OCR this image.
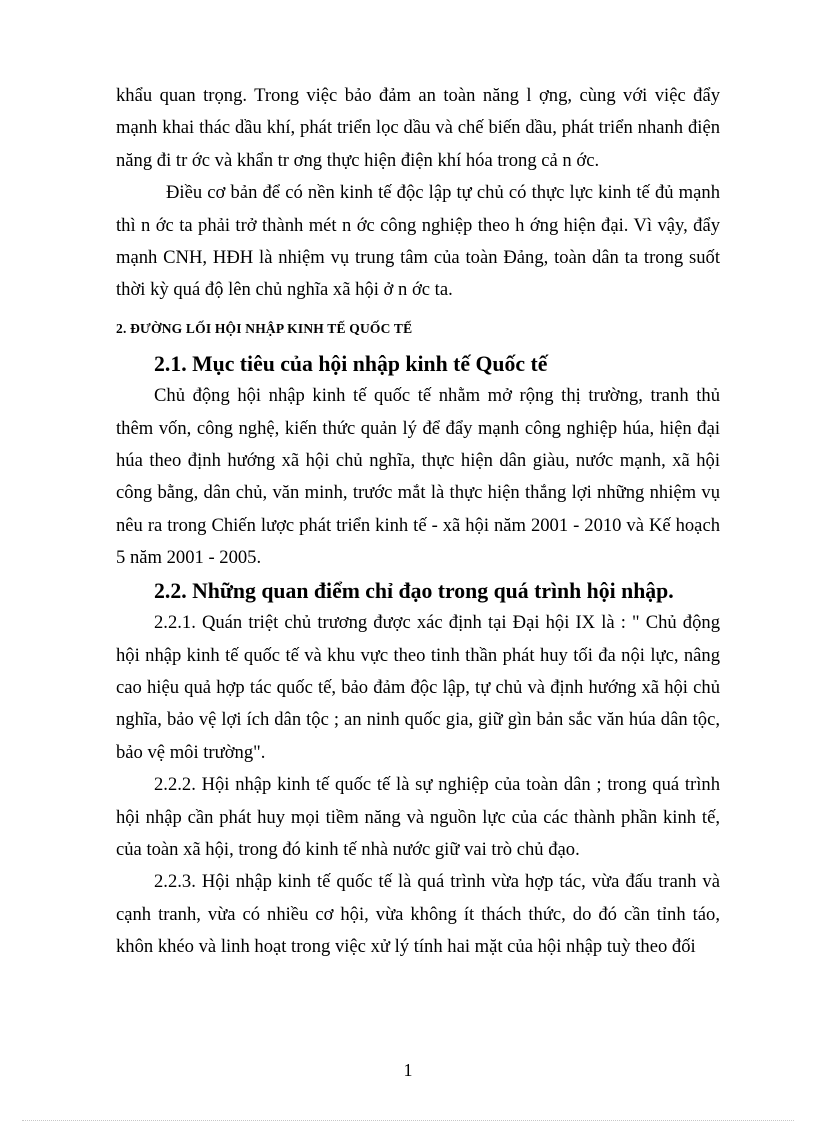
khẩu quan trọng. Trong việc bảo đảm an toàn năng l ợng, cùng với việc đẩy mạnh khai thác dầu khí, phát triển lọc dầu và chế biến dầu, phát triển nhanh điện năng đi tr ớc và khẩn tr ơng thực hiện điện khí hóa trong cả n ớc.

Điều cơ bản để có nền kinh tế độc lập tự chủ có thực lực kinh tế đủ mạnh thì n ớc ta phải trở thành mét n ớc công nghiệp theo h ớng hiện đại. Vì vậy, đẩy mạnh CNH, HĐH là nhiệm vụ trung tâm của toàn Đảng, toàn dân ta trong suốt thời kỳ quá độ lên chủ nghĩa xã hội ở n ớc ta.

2. ĐƯỜNG LỐI HỘI NHẬP KINH TẾ QUỐC TẾ
2.1. Mục tiêu của hội nhập kinh tế Quốc tế

Chủ động hội nhập kinh tế quốc tế nhằm mở rộng thị trường, tranh thủ thêm vốn, công nghệ, kiến thức quản lý để đẩy mạnh công nghiệp húa, hiện đại húa theo định hướng xã hội chủ nghĩa, thực hiện dân giàu, nước mạnh, xã hội công bằng, dân chủ, văn minh, trước mắt là thực hiện thắng lợi những nhiệm vụ nêu ra trong Chiến lược phát triển kinh tế - xã hội năm 2001 - 2010 và Kế hoạch 5 năm 2001 - 2005.

2.2. Những quan điểm chỉ đạo trong quá trình hội nhập.

2.2.1. Quán triệt chủ trương được xác định tại Đại hội IX là : " Chủ động hội nhập kinh tế quốc tế và khu vực theo tinh thần phát huy tối đa nội lực, nâng cao hiệu quả hợp tác quốc tế, bảo đảm độc lập, tự chủ và định hướng xã hội chủ nghĩa, bảo vệ lợi ích dân tộc ; an ninh quốc gia, giữ gìn bản sắc văn húa dân tộc, bảo vệ môi trường".

2.2.2. Hội nhập kinh tế quốc tế là sự nghiệp của toàn dân ; trong quá trình hội nhập cần phát huy mọi tiềm năng và nguồn lực của các thành phần kinh tế, của toàn xã hội, trong đó kinh tế nhà nước giữ vai trò chủ đạo.

2.2.3. Hội nhập kinh tế quốc tế là quá trình vừa hợp tác, vừa đấu tranh và cạnh tranh, vừa có nhiều cơ hội, vừa không ít thách thức, do đó cần tỉnh táo, khôn khéo và linh hoạt trong việc xử lý tính hai mặt của hội nhập tuỳ theo đối

1
